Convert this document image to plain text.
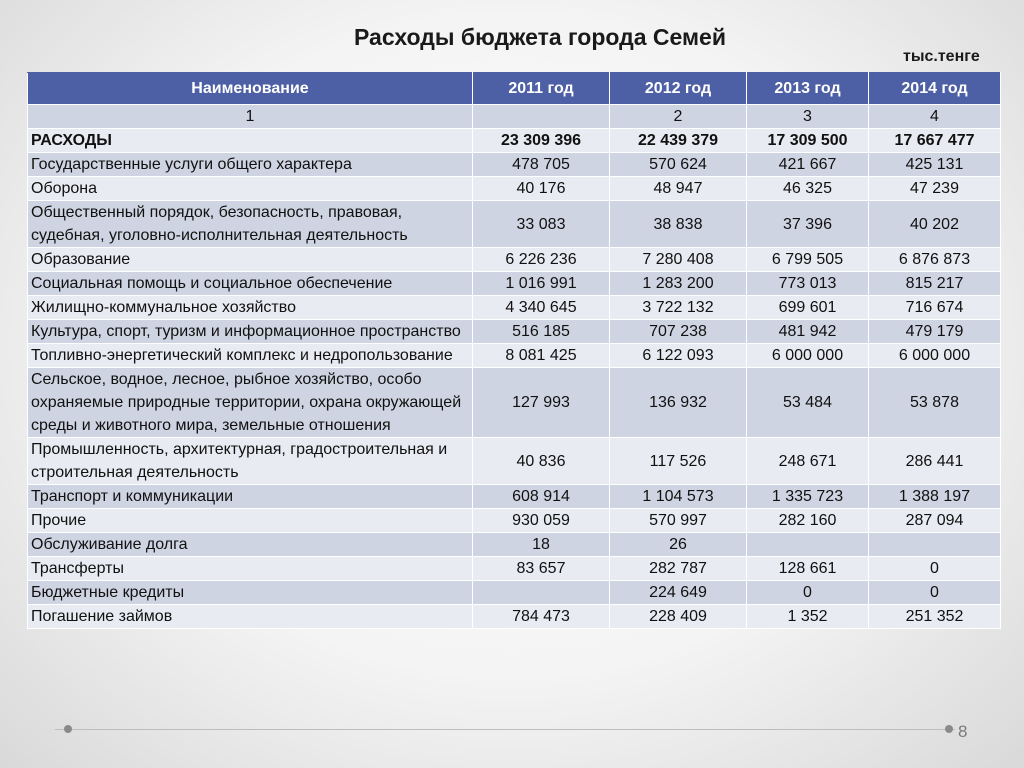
Расходы бюджета города Семей
тыс.тенге
Наименование	2011 год	2012 год	2013 год	2014 год
1		2	3	4
РАСХОДЫ	23 309 396	22 439 379	17 309 500	17 667 477
Государственные услуги общего характера	478 705	570 624	421 667	425 131
Оборона	40 176	48 947	46 325	47 239
Общественный порядок, безопасность, правовая, судебная, уголовно-исполнительная деятельность	33 083	38 838	37 396	40 202
Образование	6 226 236	7 280 408	6 799 505	6 876 873
Социальная помощь и социальное обеспечение	1 016 991	1 283 200	773 013	815 217
Жилищно-коммунальное хозяйство	4 340 645	3 722 132	699 601	716 674
Культура, спорт, туризм и информационное пространство	516 185	707 238	481 942	479 179
Топливно-энергетический комплекс и недропользование	8 081 425	6 122 093	6 000 000	6 000 000
Сельское, водное, лесное, рыбное хозяйство, особо охраняемые природные территории, охрана окружающей среды и животного мира, земельные отношения	127 993	136 932	53 484	53 878
Промышленность, архитектурная, градостроительная и строительная деятельность	40 836	117 526	248 671	286 441
Транспорт и коммуникации	608 914	1 104 573	1 335 723	1 388 197
Прочие	930 059	570 997	282 160	287 094
Обслуживание долга	18	26		
Трансферты	83 657	282 787	128 661	0
Бюджетные кредиты		224 649	0	0
Погашение займов	784 473	228 409	1 352	251 352
8
